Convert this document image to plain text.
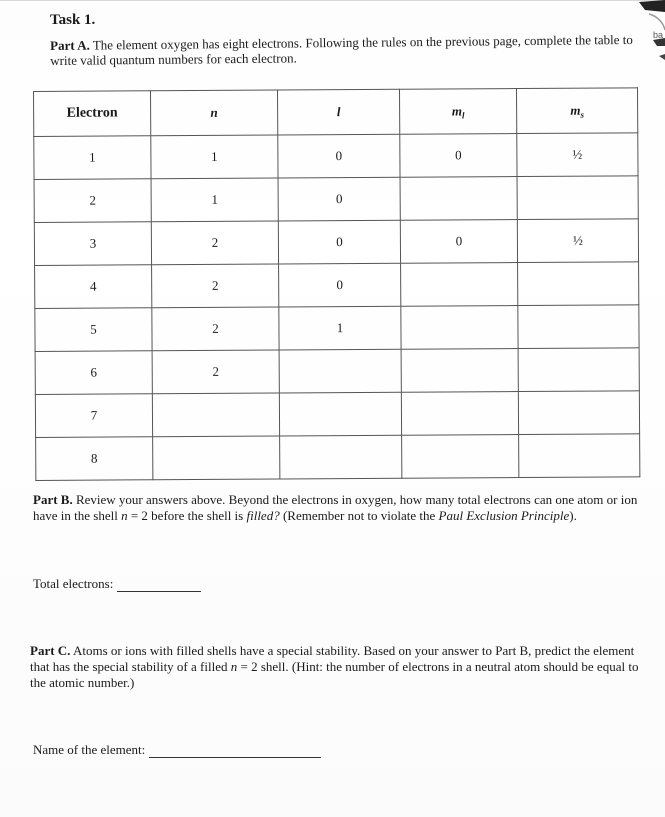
ba
Task 1.
Part A. The element oxygen has eight electrons. Following the rules on the previous page, complete the table to write valid quantum numbers for each electron.
Electron	n	l	$m_l$	$m_s$
1	1	0	0	½
2	1	0		
3	2	0	0	½
4	2	0		
5	2	1		
6	2			
7				
8				
Part B. Review your answers above. Beyond the electrons in oxygen, how many total electrons can one atom or ion have in the shell n = 2 before the shell is filled? (Remember not to violate the Paul Exclusion Principle).
Total electrons:
Part C. Atoms or ions with filled shells have a special stability. Based on your answer to Part B, predict the element that has the special stability of a filled n = 2 shell. (Hint: the number of electrons in a neutral atom should be equal to the atomic number.)
Name of the element:
